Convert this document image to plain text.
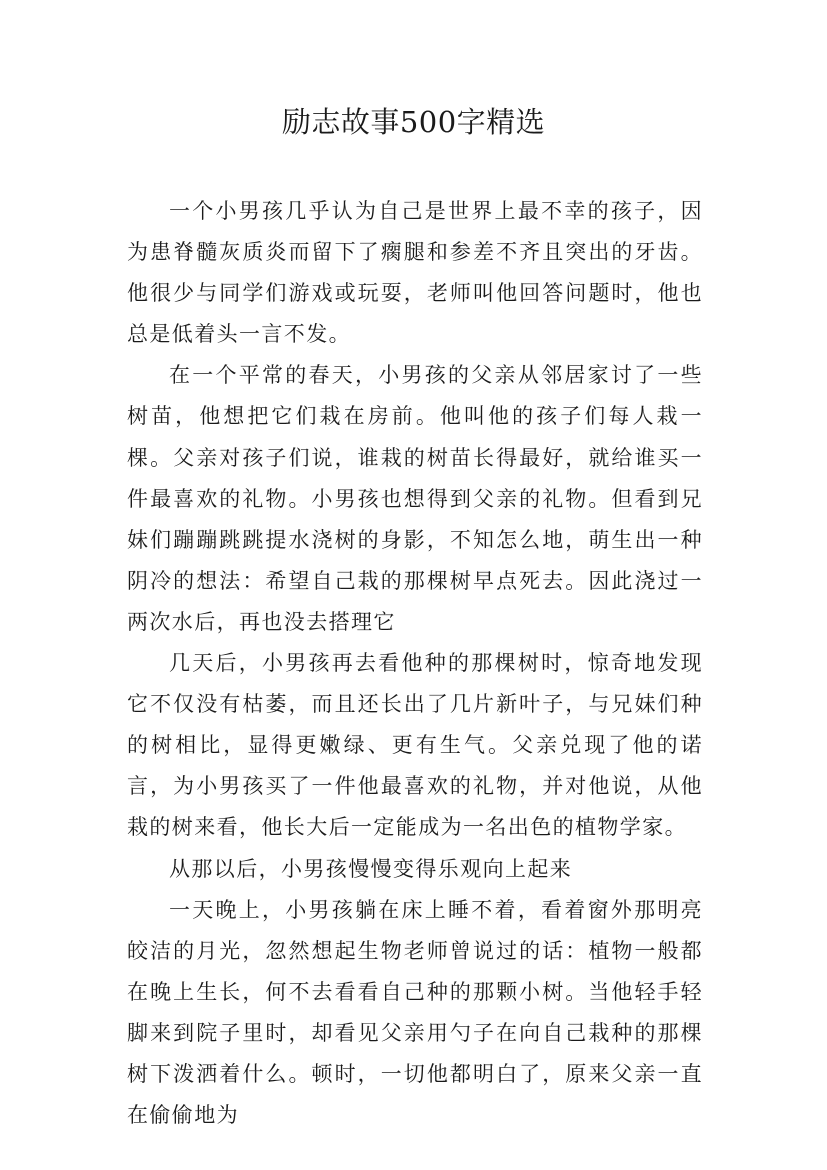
励志故事500字精选

一个小男孩几乎认为自己是世界上最不幸的孩子，因为患脊髓灰质炎而留下了瘸腿和参差不齐且突出的牙齿。他很少与同学们游戏或玩耍，老师叫他回答问题时，他也总是低着头一言不发。

在一个平常的春天，小男孩的父亲从邻居家讨了一些树苗，他想把它们栽在房前。他叫他的孩子们每人栽一棵。父亲对孩子们说，谁栽的树苗长得最好，就给谁买一件最喜欢的礼物。小男孩也想得到父亲的礼物。但看到兄妹们蹦蹦跳跳提水浇树的身影，不知怎么地，萌生出一种阴冷的想法：希望自己栽的那棵树早点死去。因此浇过一两次水后，再也没去搭理它

几天后，小男孩再去看他种的那棵树时，惊奇地发现它不仅没有枯萎，而且还长出了几片新叶子，与兄妹们种的树相比，显得更嫩绿、更有生气。父亲兑现了他的诺言，为小男孩买了一件他最喜欢的礼物，并对他说，从他栽的树来看，他长大后一定能成为一名出色的植物学家。

从那以后，小男孩慢慢变得乐观向上起来

一天晚上，小男孩躺在床上睡不着，看着窗外那明亮皎洁的月光，忽然想起生物老师曾说过的话：植物一般都在晚上生长，何不去看看自己种的那颗小树。当他轻手轻脚来到院子里时，却看见父亲用勺子在向自己栽种的那棵树下泼洒着什么。顿时，一切他都明白了，原来父亲一直在偷偷地为
